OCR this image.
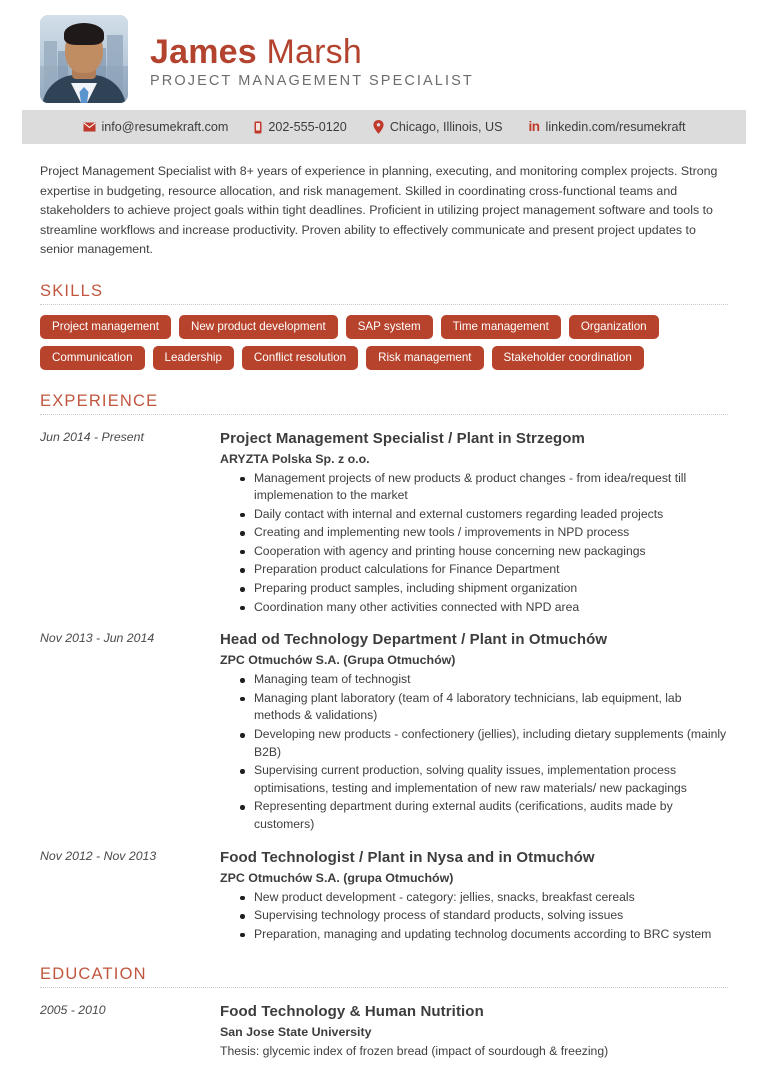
James Marsh
PROJECT MANAGEMENT SPECIALIST
info@resumekraft.com	202-555-0120	Chicago, Illinois, US in linkedin.com/resumekraft
Project Management Specialist with 8+ years of experience in planning, executing, and monitoring complex projects. Strong expertise in budgeting, resource allocation, and risk management. Skilled in coordinating cross-functional teams and stakeholders to achieve project goals within tight deadlines. Proficient in utilizing project management software and tools to streamline workflows and increase productivity. Proven ability to effectively communicate and present project updates to senior management.
SKILLS
Project management	New product development	SAP system	Time management	Organization
Communication	Leadership	Conflict resolution	Risk management	Stakeholder coordination
EXPERIENCE
Jun 2014 - Present	Project Management Specialist / Plant in Strzegom
ARYZTA Polska Sp. z o.o.
Management projects of new products & product changes - from idea/request till implemenation to the market
Daily contact with internal and external customers regarding leaded projects
Creating and implementing new tools / improvements in NPD process
Cooperation with agency and printing house concerning new packagings
Preparation product calculations for Finance Department
Preparing product samples, including shipment organization
Coordination many other activities connected with NPD area
Nov 2013 - Jun 2014	Head od Technology Department / Plant in Otmuchów
ZPC Otmuchów S.A. (Grupa Otmuchów)
Managing team of technogist
Managing plant laboratory (team of 4 laboratory technicians, lab equipment, lab methods & validations)
Developing new products - confectionery (jellies), including dietary supplements (mainly B2B)
Supervising current production, solving quality issues, implementation process optimisations, testing and implementation of new raw materials/ new packagings
Representing department during external audits (cerifications, audits made by customers)
Nov 2012 - Nov 2013	Food Technologist / Plant in Nysa and in Otmuchów
ZPC Otmuchów S.A. (grupa Otmuchów)
New product development - category: jellies, snacks, breakfast cereals
Supervising technology process of standard products, solving issues
Preparation, managing and updating technolog documents according to BRC system
EDUCATION
2005 - 2010	Food Technology & Human Nutrition
San Jose State University
Thesis: glycemic index of frozen bread (impact of sourdough & freezing)
